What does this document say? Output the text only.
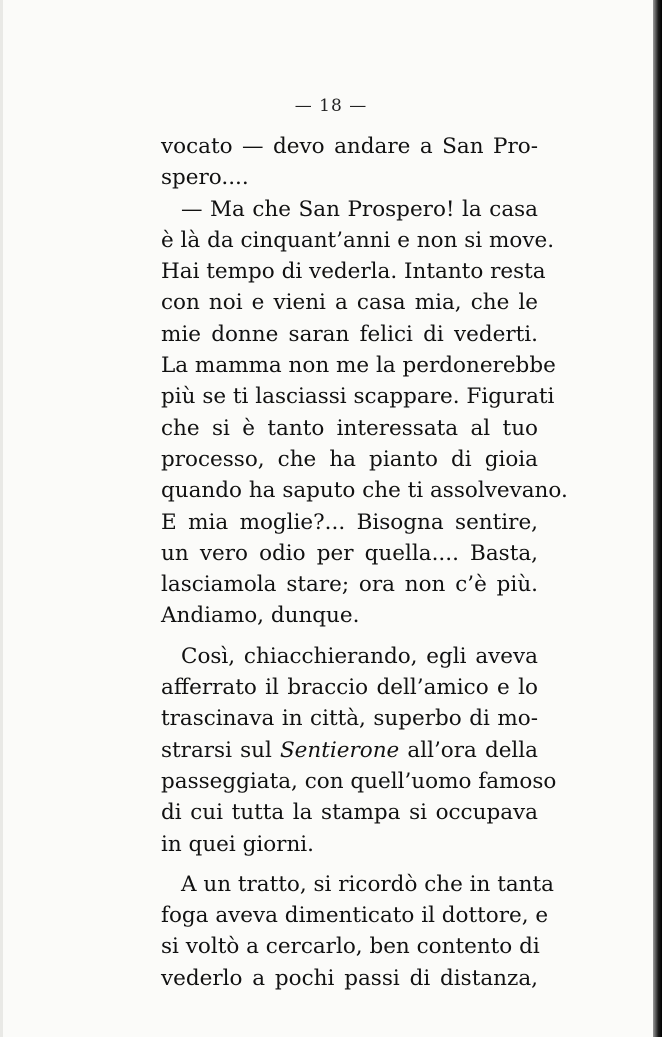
— 18 —
vocato — devo andare a San Pro-
spero....
— Ma che San Prospero! la casa
è là da cinquant’anni e non si move.
Hai tempo di vederla. Intanto resta
con noi e vieni a casa mia, che le
mie donne saran felici di vederti.
La mamma non me la perdonerebbe
più se ti lasciassi scappare. Figurati
che si è tanto interessata al tuo
processo, che ha pianto di gioia
quando ha saputo che ti assolvevano.
E mia moglie?... Bisogna sentire,
un vero odio per quella.... Basta,
lasciamola stare; ora non c’è più.
Andiamo, dunque.
Così, chiacchierando, egli aveva
afferrato il braccio dell’amico e lo
trascinava in città, superbo di mo-
strarsi sul Sentierone all’ora della
passeggiata, con quell’uomo famoso
di cui tutta la stampa si occupava
in quei giorni.
A un tratto, si ricordò che in tanta
foga aveva dimenticato il dottore, e
si voltò a cercarlo, ben contento di
vederlo a pochi passi di distanza,
